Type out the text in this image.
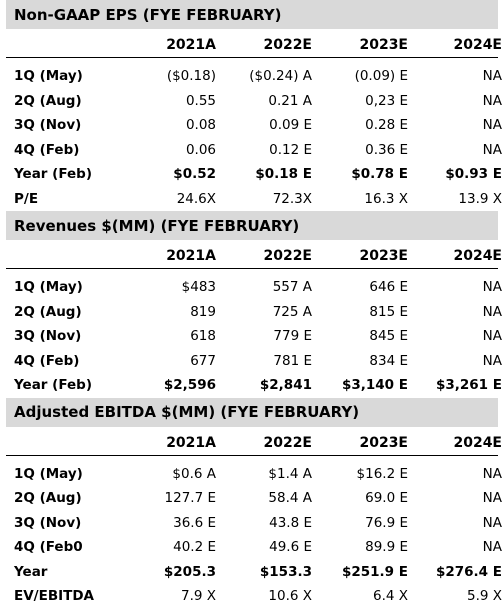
Non-GAAP EPS (FYE FEBRUARY)
2021A	2022E	2023E	2024E
1Q (May)	($0.18)	($0.24) A	(0.09) E	NA
2Q (Aug)	0.55	0.21 A	0,23 E	NA
3Q (Nov)	0.08	0.09 E	0.28 E	NA
4Q (Feb)	0.06	0.12 E	0.36 E	NA
Year (Feb)	$0.52	$0.18 E	$0.78 E	$0.93 E
P/E	24.6X	72.3X	16.3 X	13.9 X
Revenues $(MM) (FYE FEBRUARY)
2021A	2022E	2023E	2024E
1Q (May)	$483	557 A	646 E	NA
2Q (Aug)	819	725 A	815 E	NA
3Q (Nov)	618	779 E	845 E	NA
4Q (Feb)	677	781 E	834 E	NA
Year (Feb)	$2,596	$2,841	$3,140 E	$3,261 E
Adjusted EBITDA $(MM) (FYE FEBRUARY)
2021A	2022E	2023E	2024E
1Q (May)	$0.6 A	$1.4 A	$16.2 E	NA
2Q (Aug)	127.7 E	58.4 A	69.0 E	NA
3Q (Nov)	36.6 E	43.8 E	76.9 E	NA
4Q (Feb0	40.2 E	49.6 E	89.9 E	NA
Year	$205.3	$153.3	$251.9 E	$276.4 E
EV/EBITDA	7.9 X	10.6 X	6.4 X	5.9 X
